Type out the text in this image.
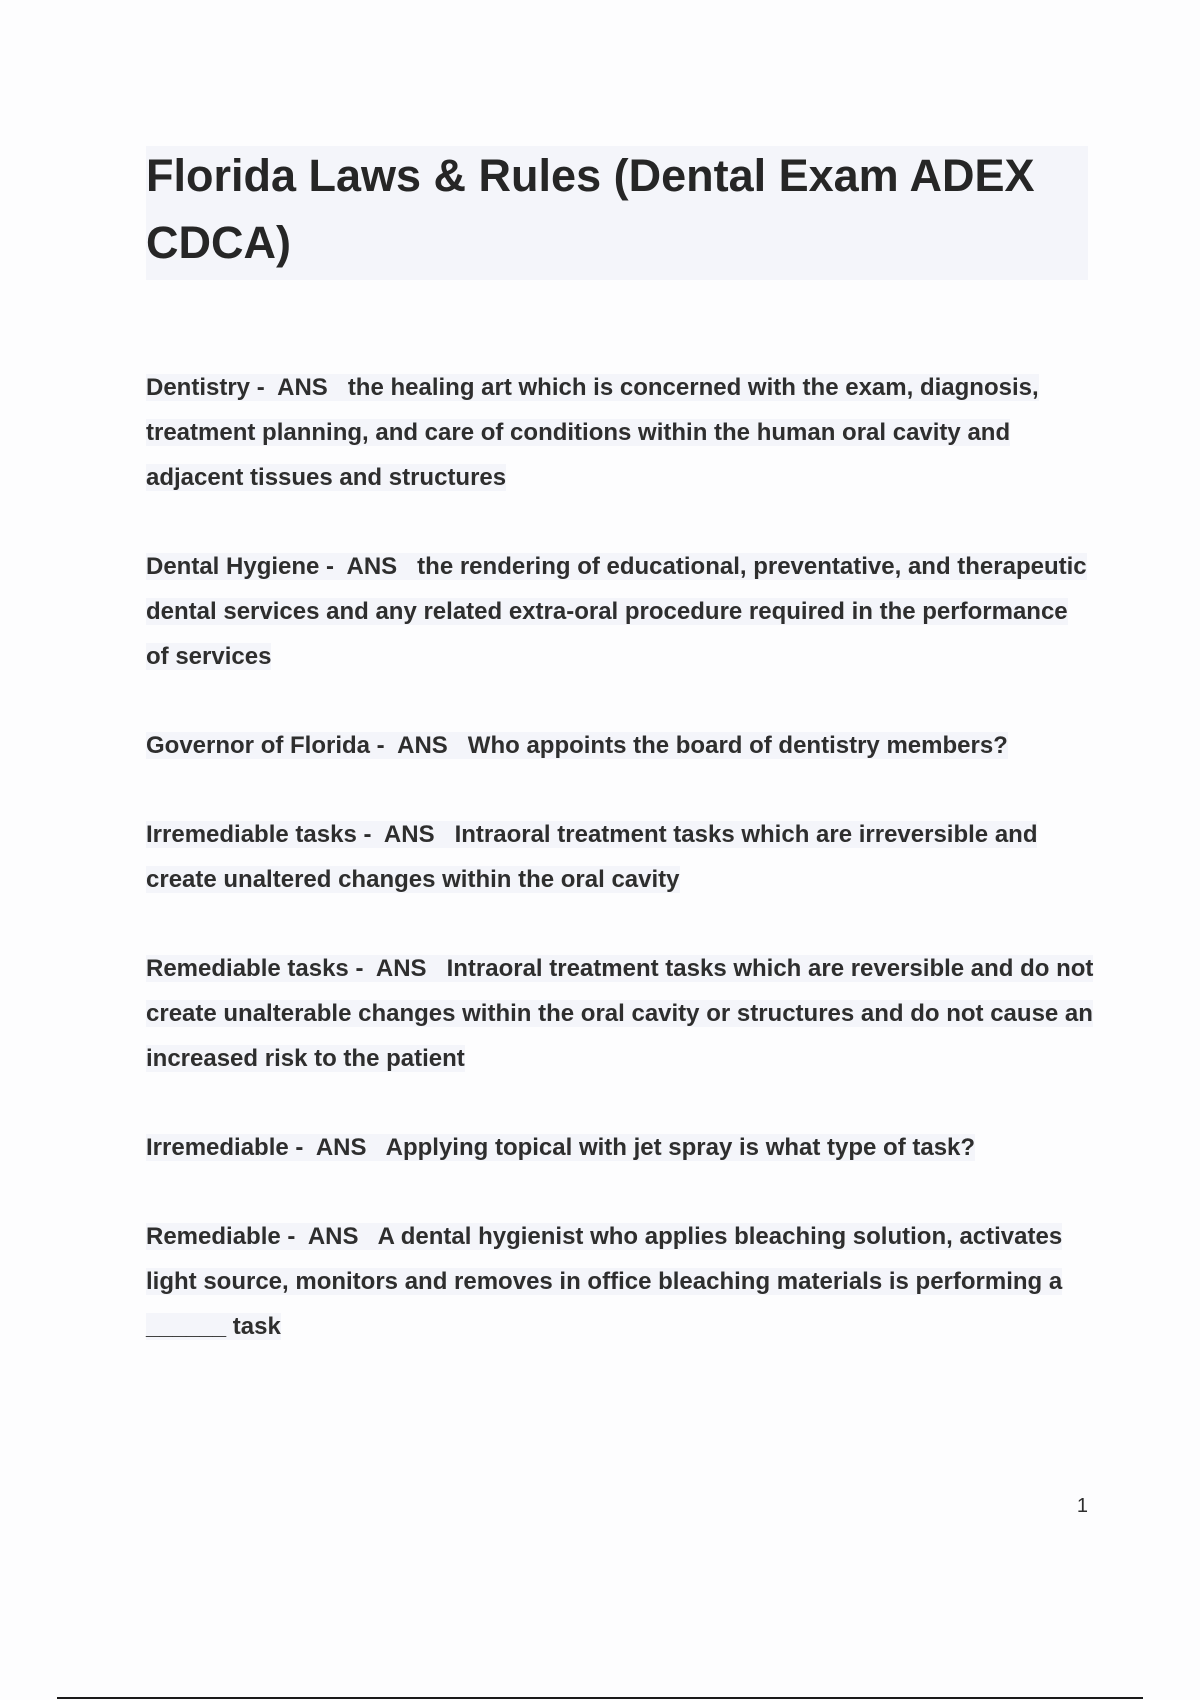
Florida Laws & Rules (Dental Exam ADEX CDCA)

Dentistry -  ANS   the healing art which is concerned with the exam, diagnosis, treatment planning, and care of conditions within the human oral cavity and adjacent tissues and structures

Dental Hygiene -  ANS   the rendering of educational, preventative, and therapeutic dental services and any related extra-oral procedure required in the performance of services

Governor of Florida -  ANS   Who appoints the board of dentistry members?

Irremediable tasks -  ANS   Intraoral treatment tasks which are irreversible and create unaltered changes within the oral cavity

Remediable tasks -  ANS   Intraoral treatment tasks which are reversible and do not create unalterable changes within the oral cavity or structures and do not cause an increased risk to the patient

Irremediable -  ANS   Applying topical with jet spray is what type of task?

Remediable -  ANS   A dental hygienist who applies bleaching solution, activates light source, monitors and removes in office bleaching materials is performing a ______ task

1
